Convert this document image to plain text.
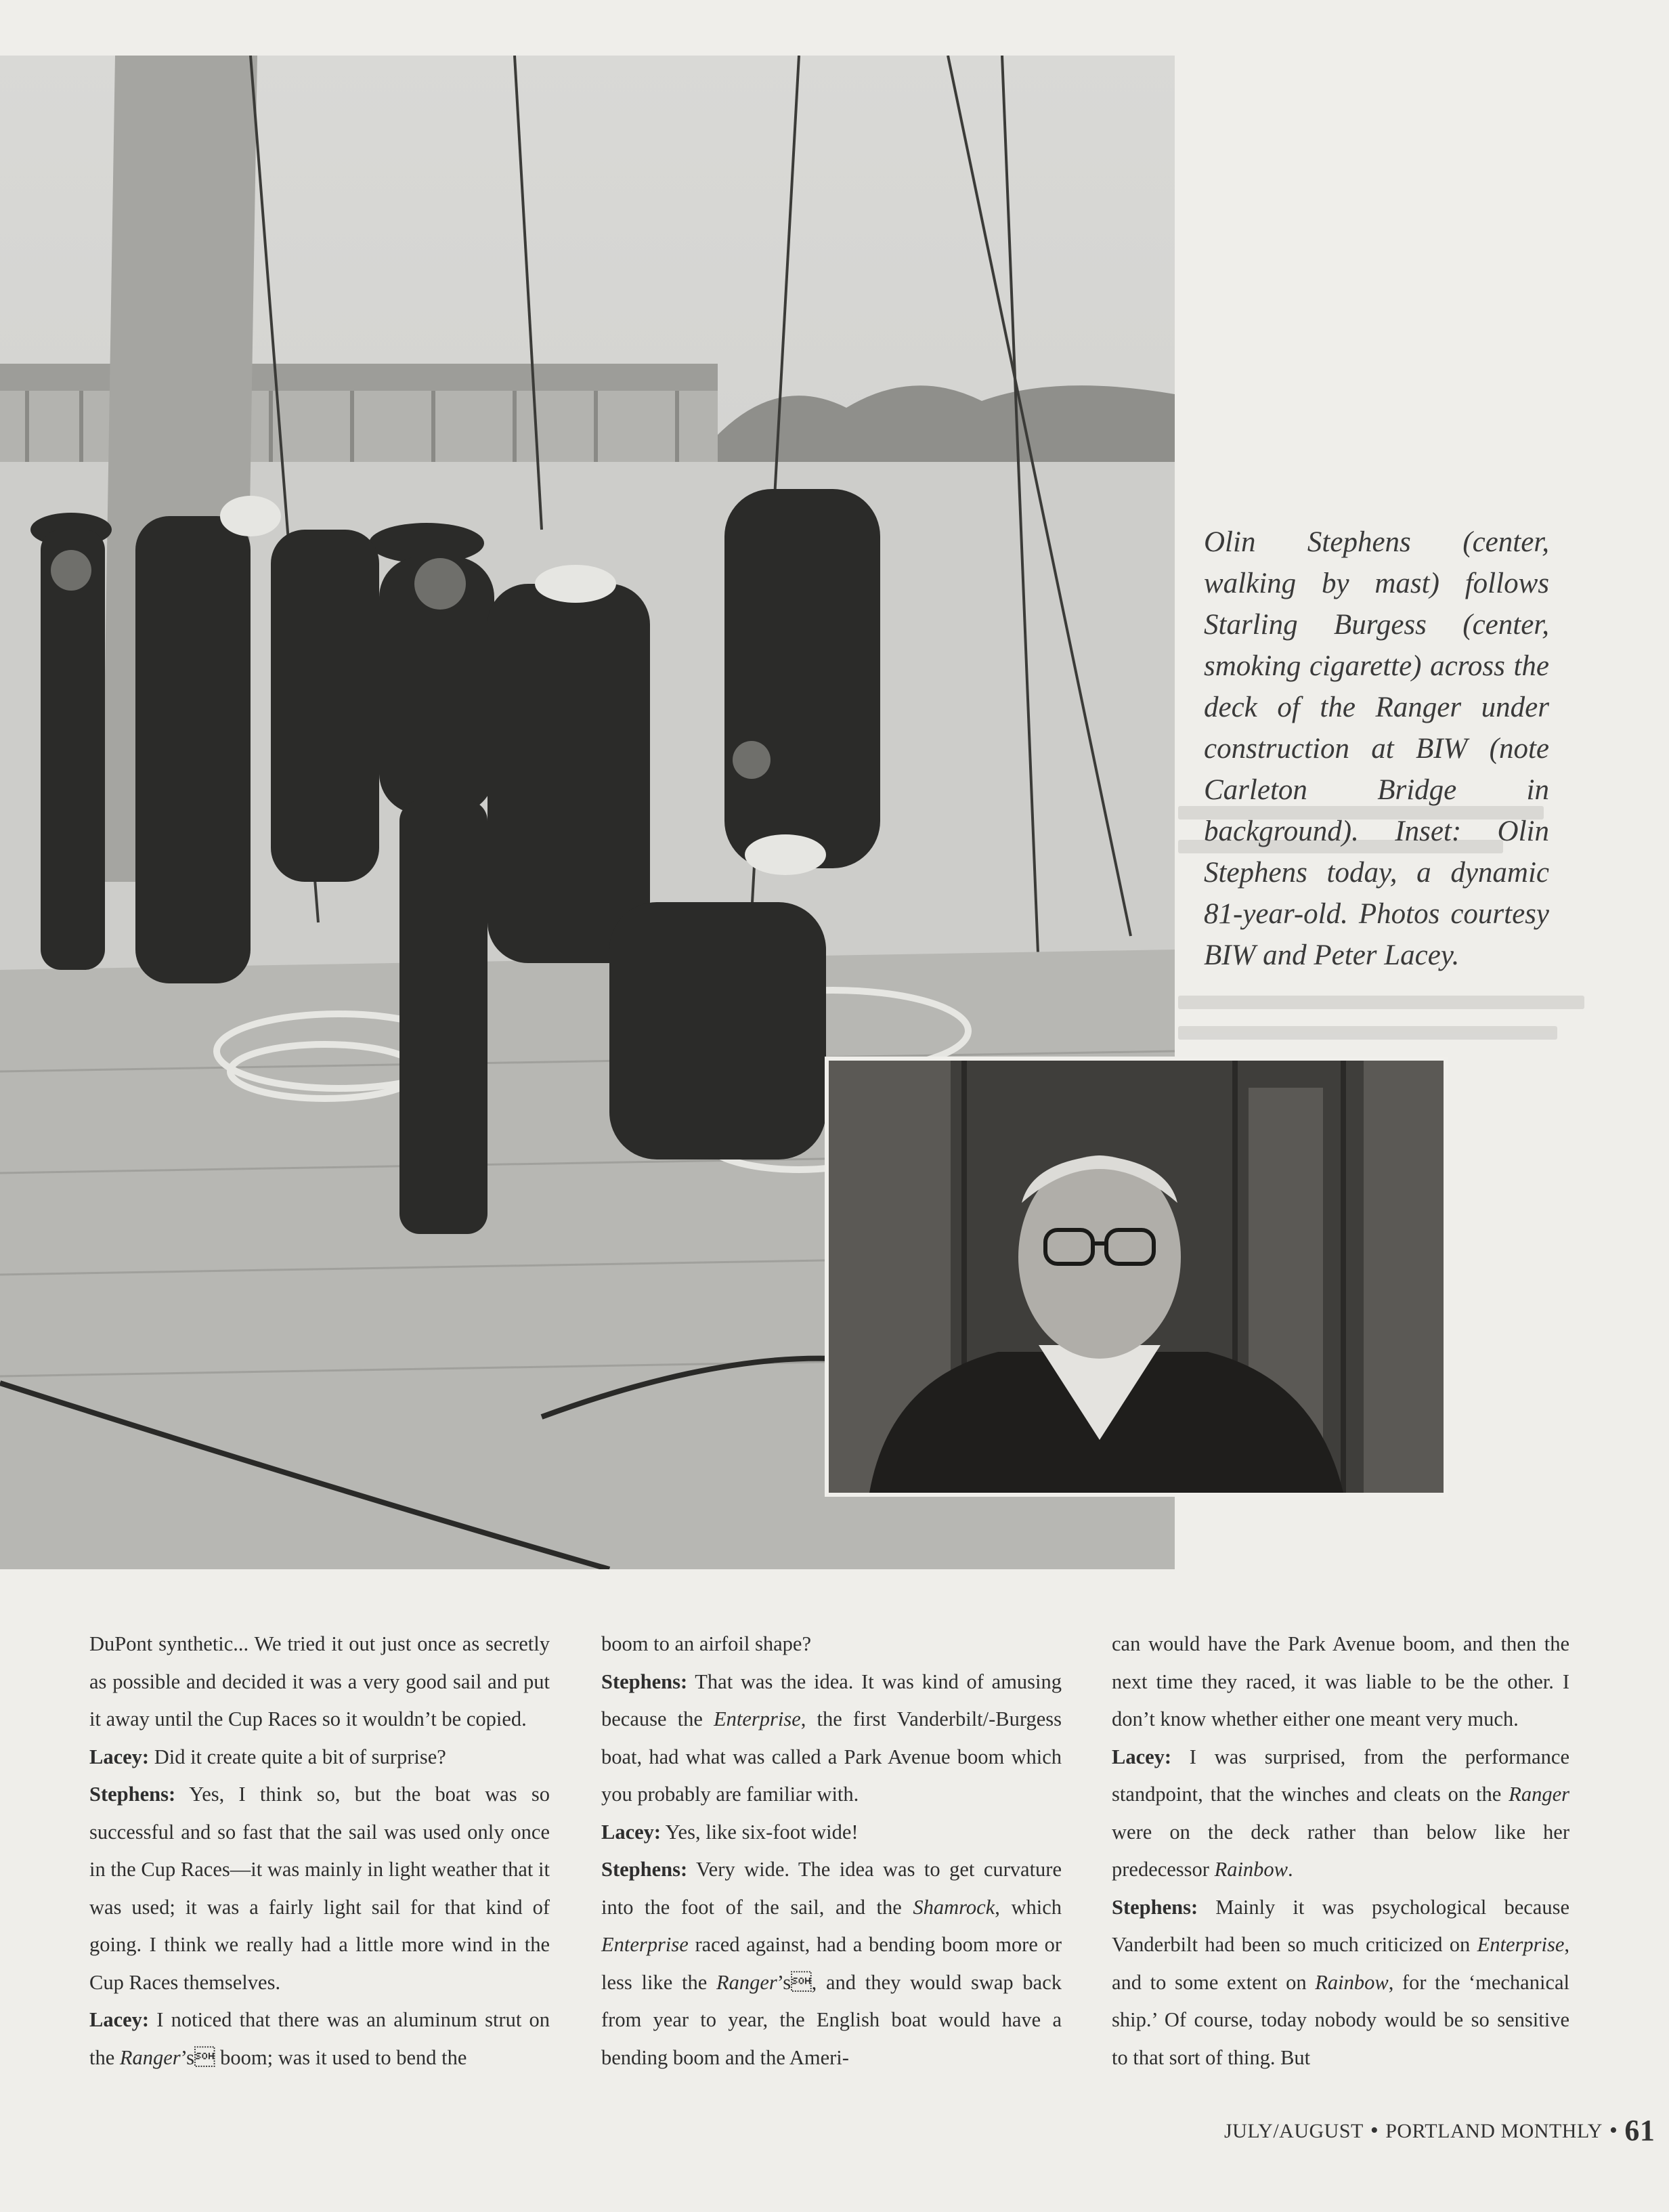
Olin Stephens (center, walking by mast) follows Starling Burgess (center, smoking cigarette) across the deck of the Ranger under construction at BIW (note Carleton Bridge in background). Inset: Olin Stephens today, a dynamic 81-year-old. Photos courtesy BIW and Peter Lacey.

DuPont synthetic... We tried it out just once as secretly as possible and decided it was a very good sail and put it away until the Cup Races so it wouldn’t be copied.

Lacey: Did it create quite a bit of surprise?

Stephens: Yes, I think so, but the boat was so successful and so fast that the sail was used only once in the Cup Races—it was mainly in light weather that it was used; it was a fairly light sail for that kind of going. I think we really had a little more wind in the Cup Races themselves.

Lacey: I noticed that there was an aluminum strut on the Ranger’s boom; was it used to bend the

boom to an airfoil shape?

Stephens: That was the idea. It was kind of amusing because the Enterprise, the first Vanderbilt/-Burgess boat, had what was called a Park Avenue boom which you probably are familiar with.

Lacey: Yes, like six-foot wide!

Stephens: Very wide. The idea was to get curvature into the foot of the sail, and the Shamrock, which Enterprise raced against, had a bending boom more or less like the Ranger’s, and they would swap back from year to year, the English boat would have a bending boom and the Ameri-

can would have the Park Avenue boom, and then the next time they raced, it was liable to be the other. I don’t know whether either one meant very much.

Lacey: I was surprised, from the performance standpoint, that the winches and cleats on the Ranger were on the deck rather than below like her predecessor Rainbow.

Stephens: Mainly it was psychological because Vanderbilt had been so much criticized on Enterprise, and to some extent on Rainbow, for the ‘mechanical ship.’ Of course, today nobody would be so sensitive to that sort of thing. But

JULY/AUGUST • PORTLAND MONTHLY • 61
